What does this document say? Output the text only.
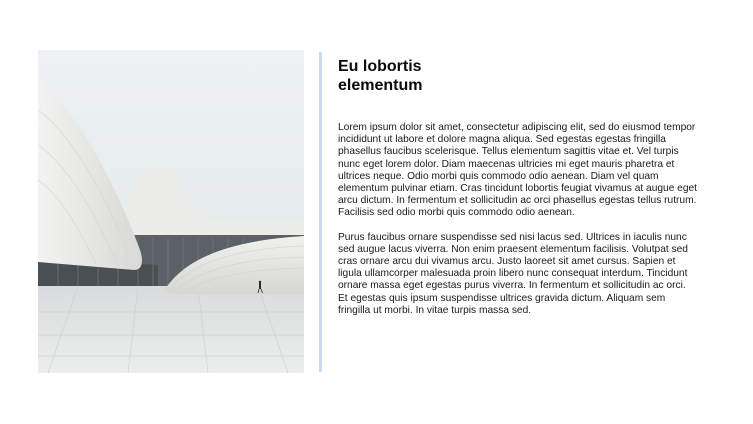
Eu lobortis elementum

Lorem ipsum dolor sit amet, consectetur adipiscing elit, sed do eiusmod tempor incididunt ut labore et dolore magna aliqua. Sed egestas egestas fringilla phasellus faucibus scelerisque. Tellus elementum sagittis vitae et. Vel turpis nunc eget lorem dolor. Diam maecenas ultricies mi eget mauris pharetra et ultrices neque. Odio morbi quis commodo odio aenean. Diam vel quam elementum pulvinar etiam. Cras tincidunt lobortis feugiat vivamus at augue eget arcu dictum. In fermentum et sollicitudin ac orci phasellus egestas tellus rutrum. Facilisis sed odio morbi quis commodo odio aenean.

Purus faucibus ornare suspendisse sed nisi lacus sed. Ultrices in iaculis nunc sed augue lacus viverra. Non enim praesent elementum facilisis. Volutpat sed cras ornare arcu dui vivamus arcu. Justo laoreet sit amet cursus. Sapien et ligula ullamcorper malesuada proin libero nunc consequat interdum. Tincidunt ornare massa eget egestas purus viverra. In fermentum et sollicitudin ac orci. Et egestas quis ipsum suspendisse ultrices gravida dictum. Aliquam sem fringilla ut morbi. In vitae turpis massa sed.
